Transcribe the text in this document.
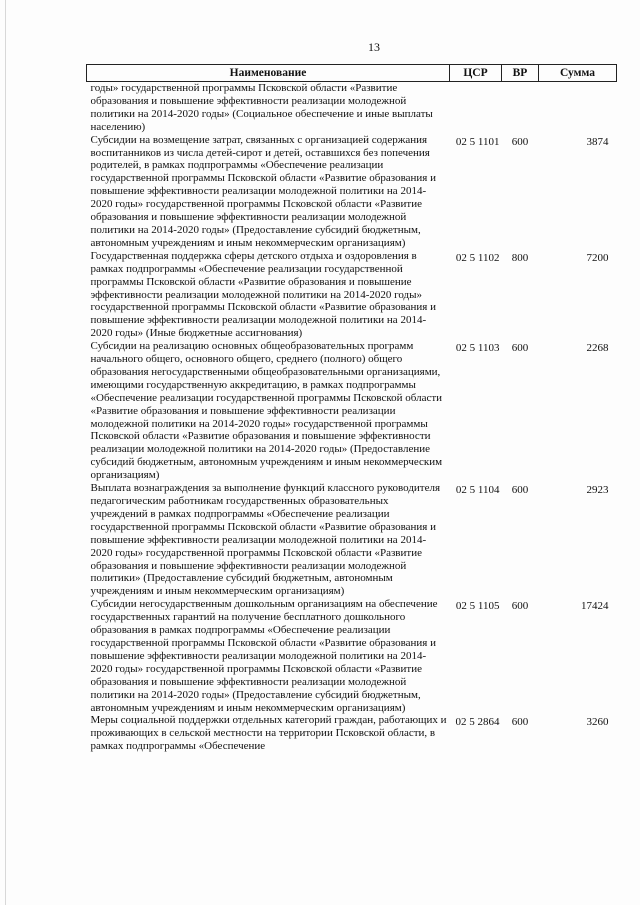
13
Наименование	ЦСР	ВР	Сумма
годы» государственной программы Псковской области «Развитие образования и повышение эффективности реализации молодежной политики на 2014-2020 годы» (Социальное обеспечение и иные выплаты населению)			
Субсидии на возмещение затрат, связанных с организацией содержания воспитанников из числа детей-сирот и детей, оставшихся без попечения родителей, в рамках подпрограммы «Обеспечение реализации государственной программы Псковской области «Развитие образования и повышение эффективности реализации молодежной политики на 2014-2020 годы» государственной программы Псковской области «Развитие образования и повышение эффективности реализации молодежной политики на 2014-2020 годы» (Предоставление субсидий бюджетным, автономным учреждениям и иным некоммерческим организациям)	02 5 1101	600	3874
Государственная поддержка сферы детского отдыха и оздоровления в рамках подпрограммы «Обеспечение реализации государственной программы Псковской области «Развитие образования и повышение эффективности реализации молодежной политики на 2014-2020 годы» государственной программы Псковской области «Развитие образования и повышение эффективности реализации молодежной политики на 2014-2020 годы» (Иные бюджетные ассигнования)	02 5 1102	800	7200
Субсидии на реализацию основных общеобразовательных программ начального общего, основного общего, среднего (полного) общего образования негосударственными общеобразовательными организациями, имеющими государственную аккредитацию, в рамках подпрограммы «Обеспечение реализации государственной программы Псковской области «Развитие образования и повышение эффективности реализации молодежной политики на 2014-2020 годы» государственной программы Псковской области «Развитие образования и повышение эффективности реализации молодежной политики на 2014-2020 годы» (Предоставление субсидий бюджетным, автономным учреждениям и иным некоммерческим организациям)	02 5 1103	600	2268
Выплата вознаграждения за выполнение функций классного руководителя педагогическим работникам государственных образовательных учреждений в рамках подпрограммы «Обеспечение реализации государственной программы Псковской области «Развитие образования и повышение эффективности реализации молодежной политики на 2014-2020 годы» государственной программы Псковской области «Развитие образования и повышение эффективности реализации молодежной политики» (Предоставление субсидий бюджетным, автономным учреждениям и иным некоммерческим организациям)	02 5 1104	600	2923
Субсидии негосударственным дошкольным организациям на обеспечение государственных гарантий на получение бесплатного дошкольного образования в рамках подпрограммы «Обеспечение реализации государственной программы Псковской области «Развитие образования и повышение эффективности реализации молодежной политики на 2014-2020 годы» государственной программы Псковской области «Развитие образования и повышение эффективности реализации молодежной политики на 2014-2020 годы» (Предоставление субсидий бюджетным, автономным учреждениям и иным некоммерческим организациям)	02 5 1105	600	17424
Меры социальной поддержки отдельных категорий граждан, работающих и проживающих в сельской местности на территории Псковской области, в рамках подпрограммы «Обеспечение	02 5 2864	600	3260
